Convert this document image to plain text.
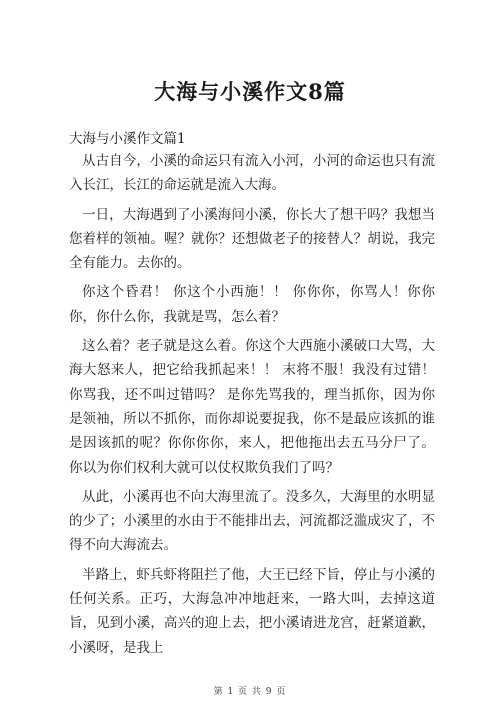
大海与小溪作文8篇
大海与小溪作文篇1

从古自今，小溪的命运只有流入小河，小河的命运也只有流入长江，长江的命运就是流入大海。

一日，大海遇到了小溪海问小溪，你长大了想干吗？我想当您着样的领袖。喔？就你？还想做老子的接替人？胡说，我完全有能力。去你的。

你这个昏君！ 你这个小西施！！ 你你你，你骂人！你你你，你什么你，我就是骂，怎么着？

这么着？老子就是这么着。你这个大西施小溪破口大骂，大海大怒来人，把它给我抓起来！！ 末将不服！我没有过错！ 你骂我，还不叫过错吗？ 是你先骂我的，理当抓你，因为你是领袖，所以不抓你，而你却说要捉我，你不是最应该抓的谁是因该抓的呢？你你你你，来人，把他拖出去五马分尸了。 你以为你们权利大就可以仗权欺负我们了吗？

从此，小溪再也不向大海里流了。没多久，大海里的水明显的少了；小溪里的水由于不能排出去，河流都泛滥成灾了，不得不向大海流去。

半路上，虾兵虾将阻拦了他，大王已经下旨，停止与小溪的任何关系。正巧，大海急冲冲地赶来，一路大叫，去掉这道旨，见到小溪，高兴的迎上去，把小溪请进龙宫，赶紧道歉，小溪呀，是我上

第 1 页 共 9 页
